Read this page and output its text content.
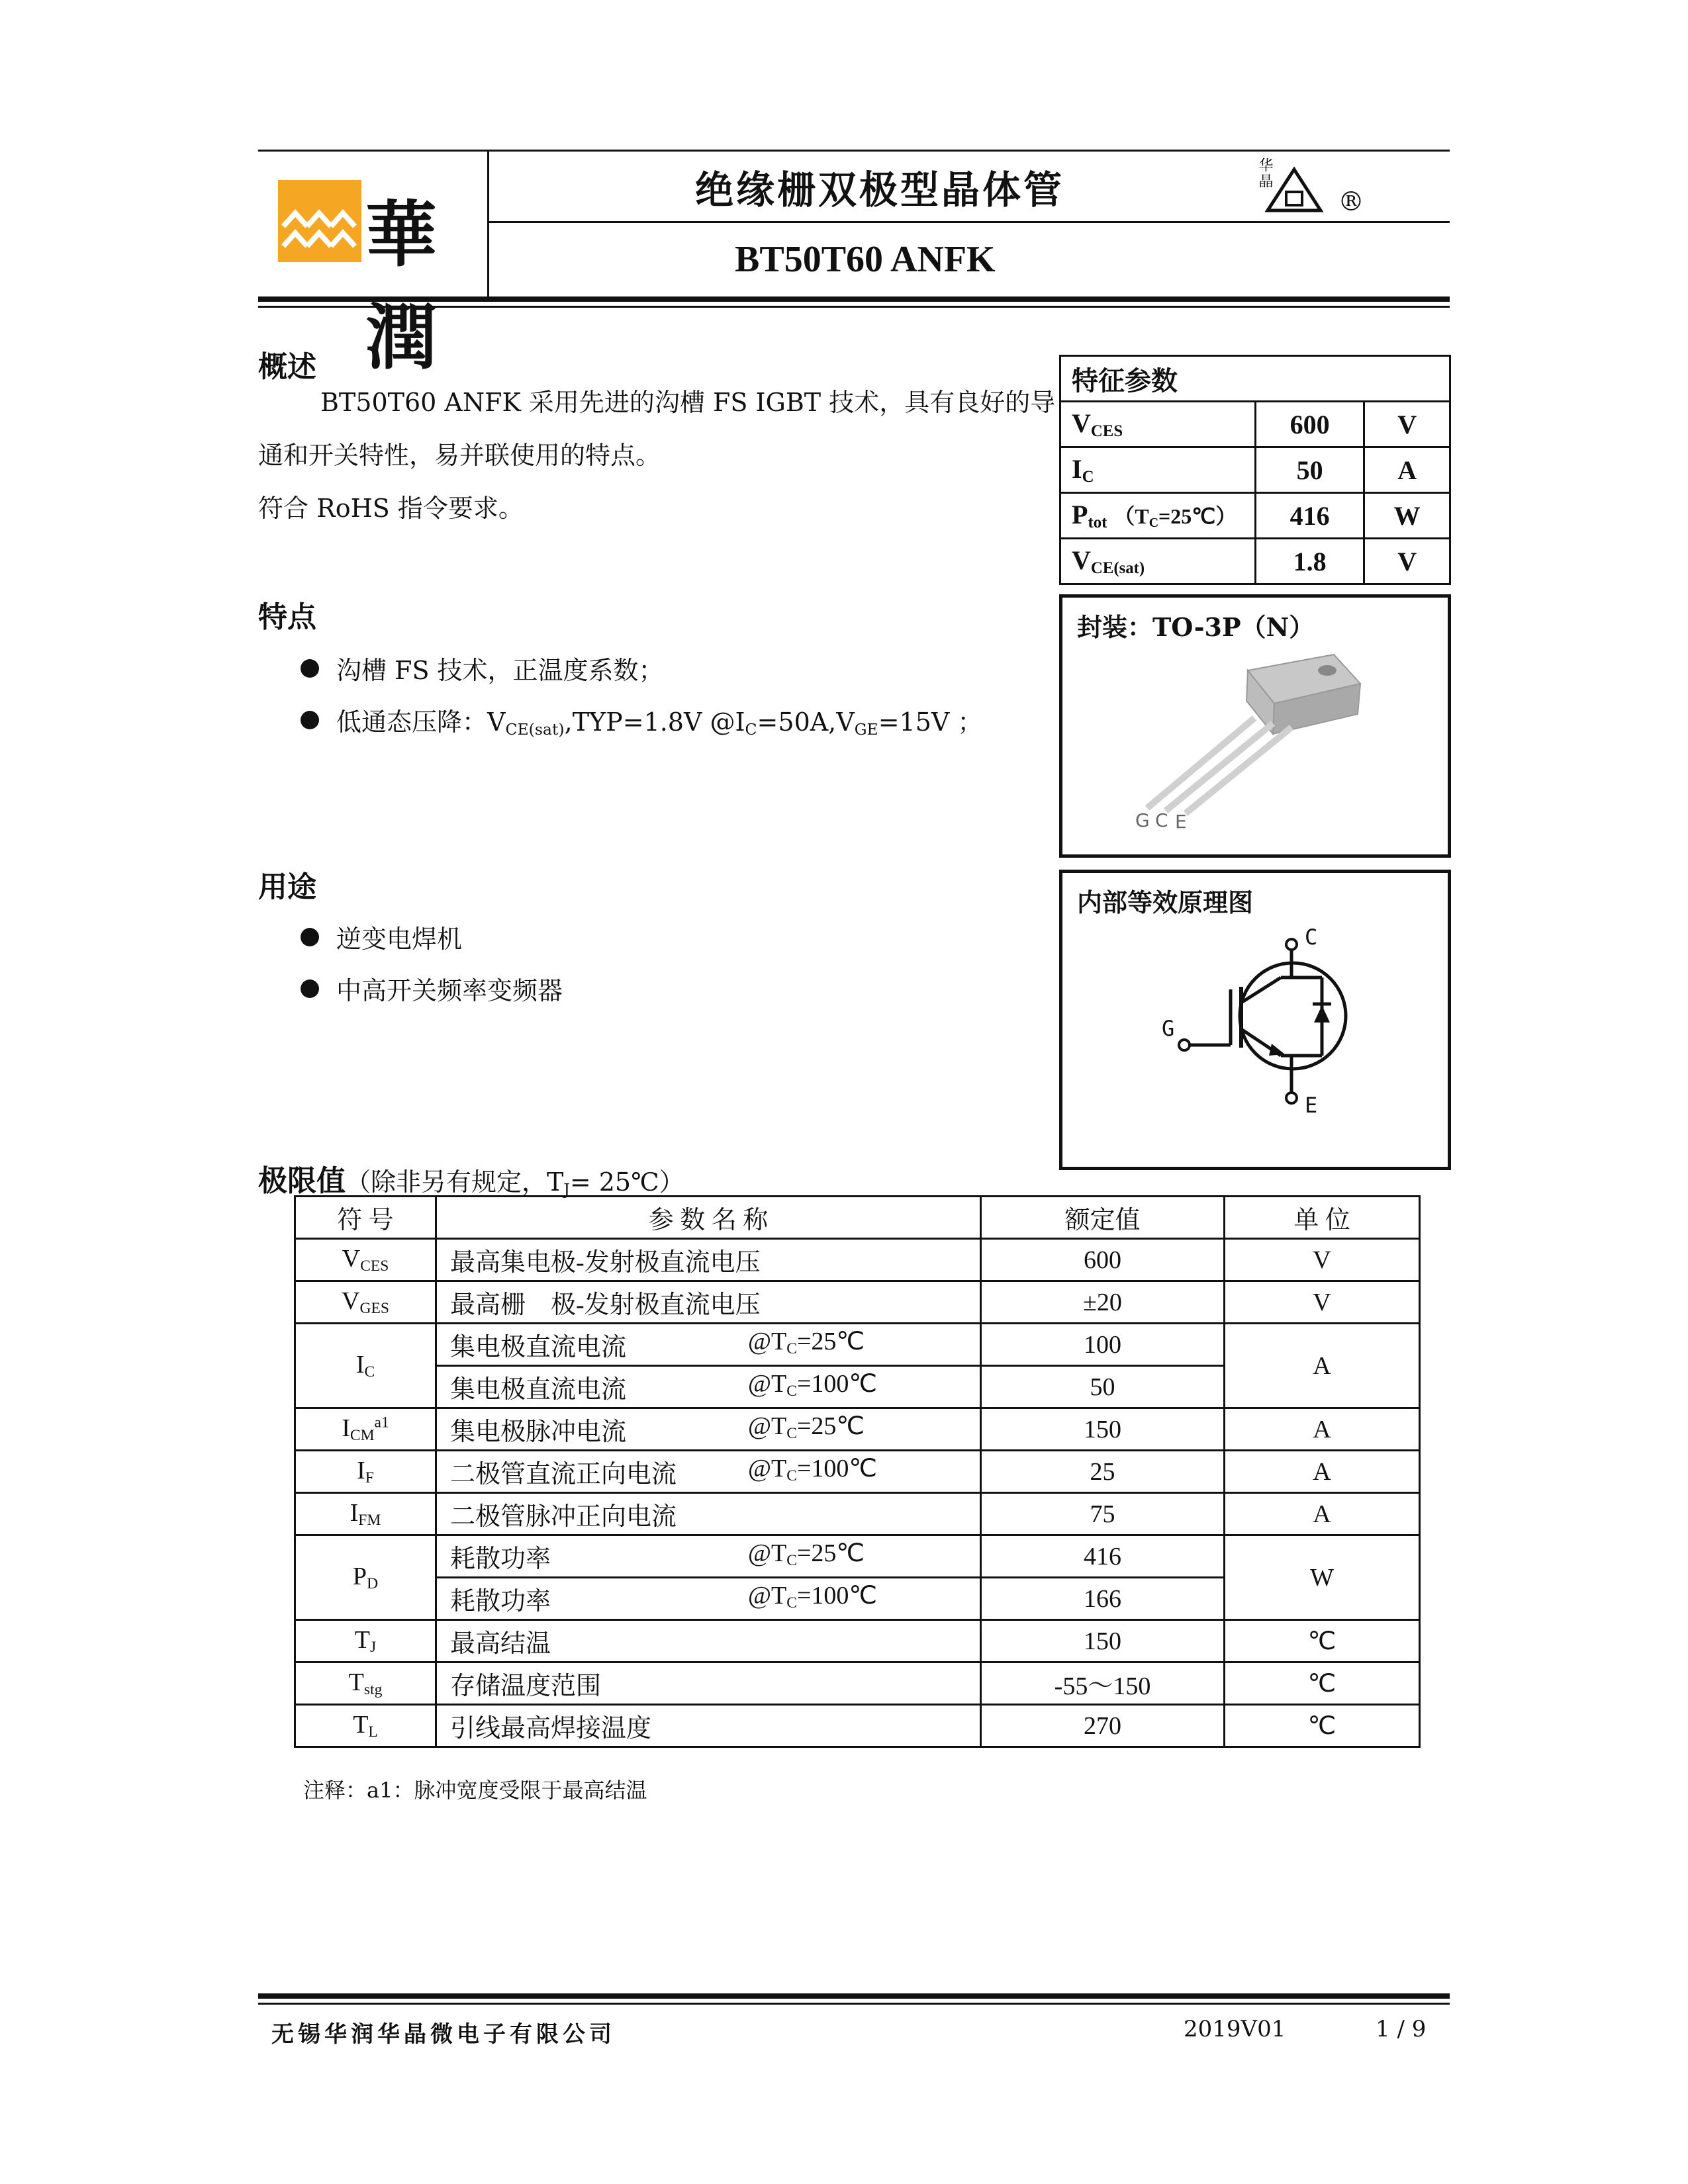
華潤
绝缘栅双极型晶体管
BT50T60 ANFK
华晶
®
概述
BT50T60 ANFK 采用先进的沟槽 FS IGBT 技术，具有良好的导
通和开关特性，易并联使用的特点。
符合 RoHS 指令要求。
特点
沟槽 FS 技术，正温度系数；
低通态压降：$V_{CE(sat)},TYP=1.8V$ $@I_C=50A,V_{GE}=15V$ ；
用途
逆变电焊机
中高开关频率变频器
特征参数		
$V_{CES}$	600	V
$I_C$	50	A
$P_{tot}$ $(T_C=25℃)$	416	W
$V_{CE(sat)}$	1.8	V
封装：TO-3P（N）
G C E
内部等效原理图
C
G
E
极限值（除非另有规定，$T_J=$ 25℃）
符 号	参 数 名 称	额定值	单 位
$V_{CES}$	最高集电极-发射极直流电压	600	V
$V_{GES}$	最高栅　极-发射极直流电压	±20	V
$I_C$	集电极直流电流 $@T_C=25℃$	100	A
	集电极直流电流 $@T_C=100℃$	50	
$I_{CM}^{a1}$	集电极脉冲电流 $@T_C=25℃$	150	A
$I_F$	二极管直流正向电流 $@T_C=100℃$	25	A
$I_{FM}$	二极管脉冲正向电流	75	A
$P_D$	耗散功率 $@T_C=25℃$	416	W
	耗散功率 $@T_C=100℃$	166	
$T_J$	最高结温	150	℃
$T_{stg}$	存储温度范围	-55～150	℃
$T_L$	引线最高焊接温度	270	℃
注释：a1：脉冲宽度受限于最高结温
无锡华润华晶微电子有限公司	2019V01	1 / 9
